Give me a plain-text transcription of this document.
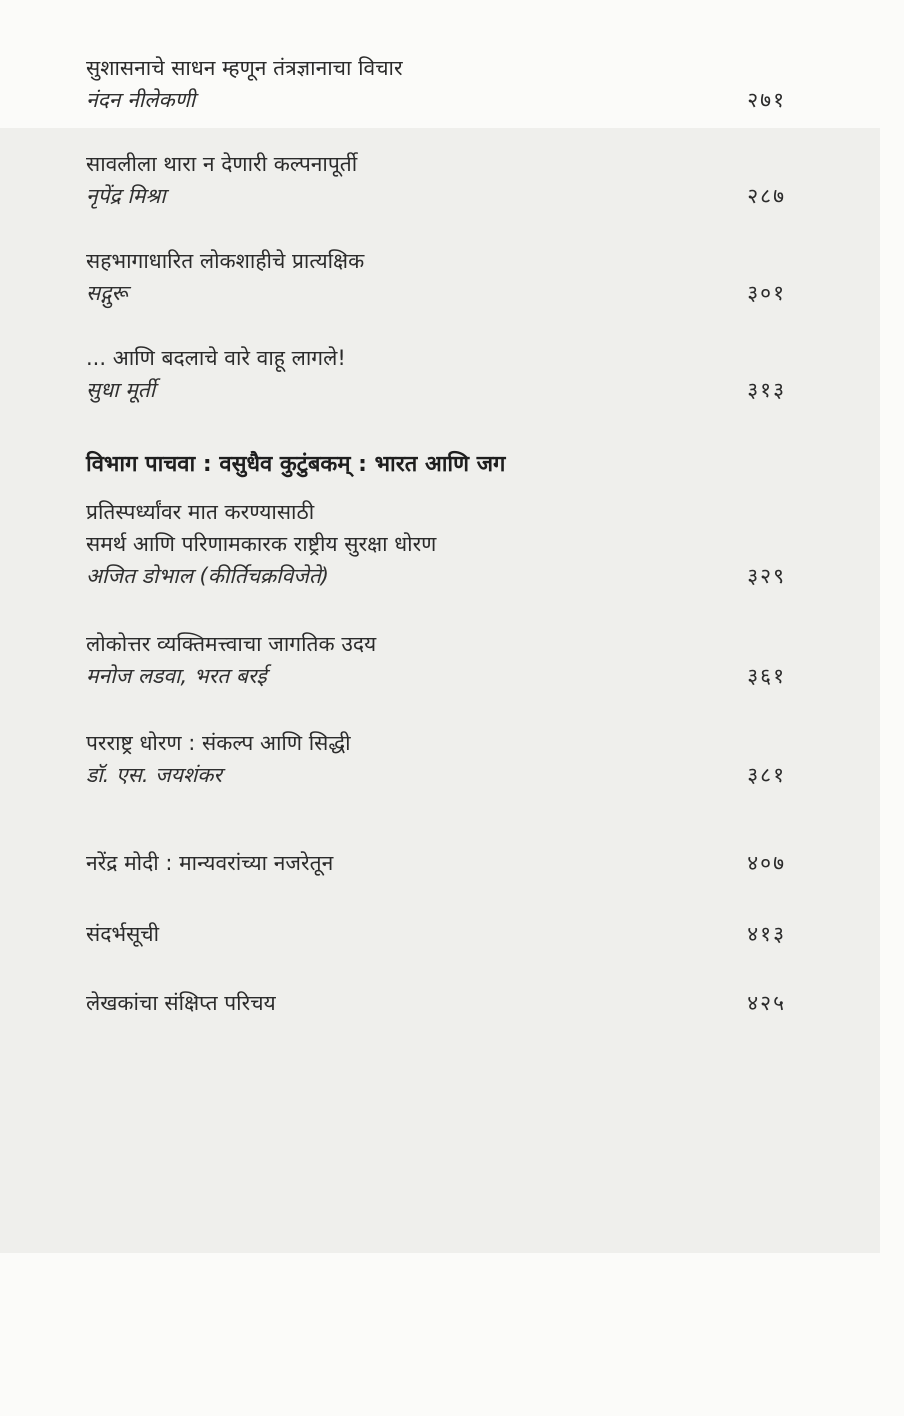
सुशासनाचे साधन म्हणून तंत्रज्ञानाचा विचार
नंदन नीलेकणी	२७१
सावलीला थारा न देणारी कल्पनापूर्ती
नृपेंद्र मिश्रा	२८७
सहभागाधारित लोकशाहीचे प्रात्यक्षिक
सद्गुरू	३०१
... आणि बदलाचे वारे वाहू लागले!
सुधा मूर्ती	३१३
विभाग पाचवा : वसुधैव कुटुंबकम् : भारत आणि जग
प्रतिस्पर्ध्यांवर मात करण्यासाठी
समर्थ आणि परिणामकारक राष्ट्रीय सुरक्षा धोरण
अजित डोभाल (कीर्तिचक्रविजेते)	३२९
लोकोत्तर व्यक्तिमत्त्वाचा जागतिक उदय
मनोज लडवा, भरत बरई	३६१
परराष्ट्र धोरण : संकल्प आणि सिद्धी
डॉ. एस. जयशंकर	३८१
नरेंद्र मोदी : मान्यवरांच्या नजरेतून	४०७
संदर्भसूची	४१३
लेखकांचा संक्षिप्त परिचय	४२५
